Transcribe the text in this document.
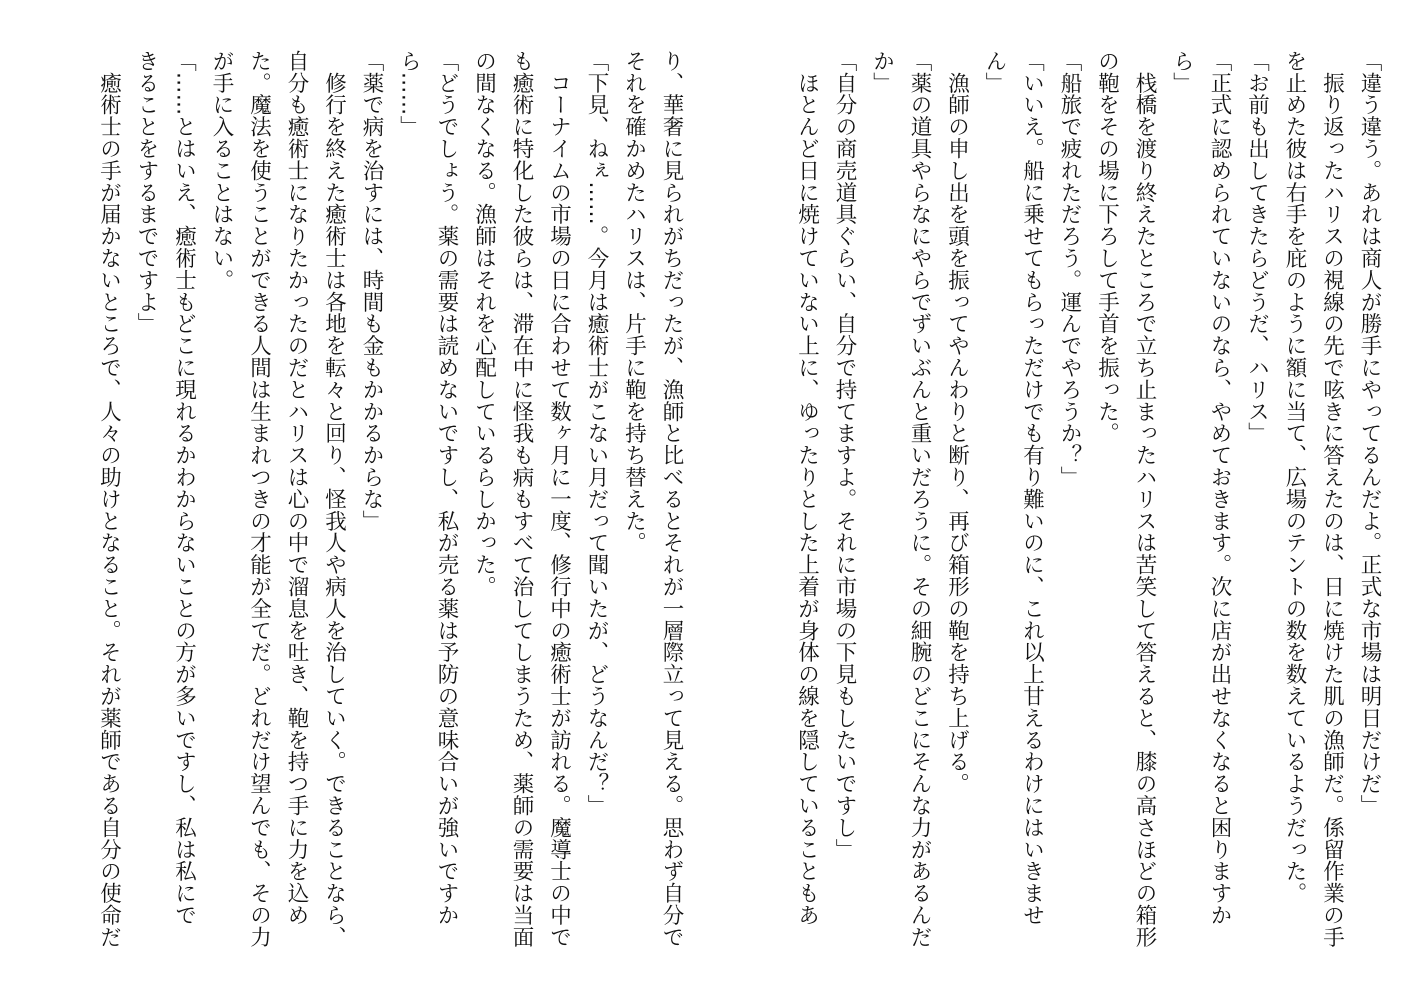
「違う違う。あれは商人が勝手にやってるんだよ。正式な市場は明日だけだ」
　振り返ったハリスの視線の先で呟きに答えたのは、日に焼けた肌の漁師だ。係留作業の手
を止めた彼は右手を庇のように額に当て、広場のテントの数を数えているようだった。
「お前も出してきたらどうだ、ハリス」
「正式に認められていないのなら、やめておきます。次に店が出せなくなると困りますか
ら」
　栈橋を渡り終えたところで立ち止まったハリスは苦笑して答えると、膝の高さほどの箱形
の鞄をその場に下ろして手首を振った。
「船旅で疲れただろう。運んでやろうか？」
「いいえ。船に乗せてもらっただけでも有り難いのに、これ以上甘えるわけにはいきませ
ん」
　漁師の申し出を頭を振ってやんわりと断り、再び箱形の鞄を持ち上げる。
「薬の道具やらなにやらでずいぶんと重いだろうに。その細腕のどこにそんな力があるんだ
か」
「自分の商売道具ぐらい、自分で持てますよ。それに市場の下見もしたいですし」
　ほとんど日に焼けていない上に、ゆったりとした上着が身体の線を隠していることもあ
り、華奢に見られがちだったが、漁師と比べるとそれが一層際立って見える。思わず自分で
それを確かめたハリスは、片手に鞄を持ち替えた。
「下見、ねぇ……。今月は癒術士がこない月だって聞いたが、どうなんだ？」
　コーナイムの市場の日に合わせて数ヶ月に一度、修行中の癒術士が訪れる。魔導士の中で
も癒術に特化した彼らは、滞在中に怪我も病もすべて治してしまうため、薬師の需要は当面
の間なくなる。漁師はそれを心配しているらしかった。
「どうでしょう。薬の需要は読めないですし、私が売る薬は予防の意味合いが強いですか
ら……」
「薬で病を治すには、時間も金もかかるからな」
　修行を終えた癒術士は各地を転々と回り、怪我人や病人を治していく。できることなら、
自分も癒術士になりたかったのだとハリスは心の中で溜息を吐き、鞄を持つ手に力を込め
た。魔法を使うことができる人間は生まれつきの才能が全てだ。どれだけ望んでも、その力
が手に入ることはない。
「……とはいえ、癒術士もどこに現れるかわからないことの方が多いですし、私は私にで
きることをするまでですよ」
　癒術士の手が届かないところで、人々の助けとなること。それが薬師である自分の使命だ
